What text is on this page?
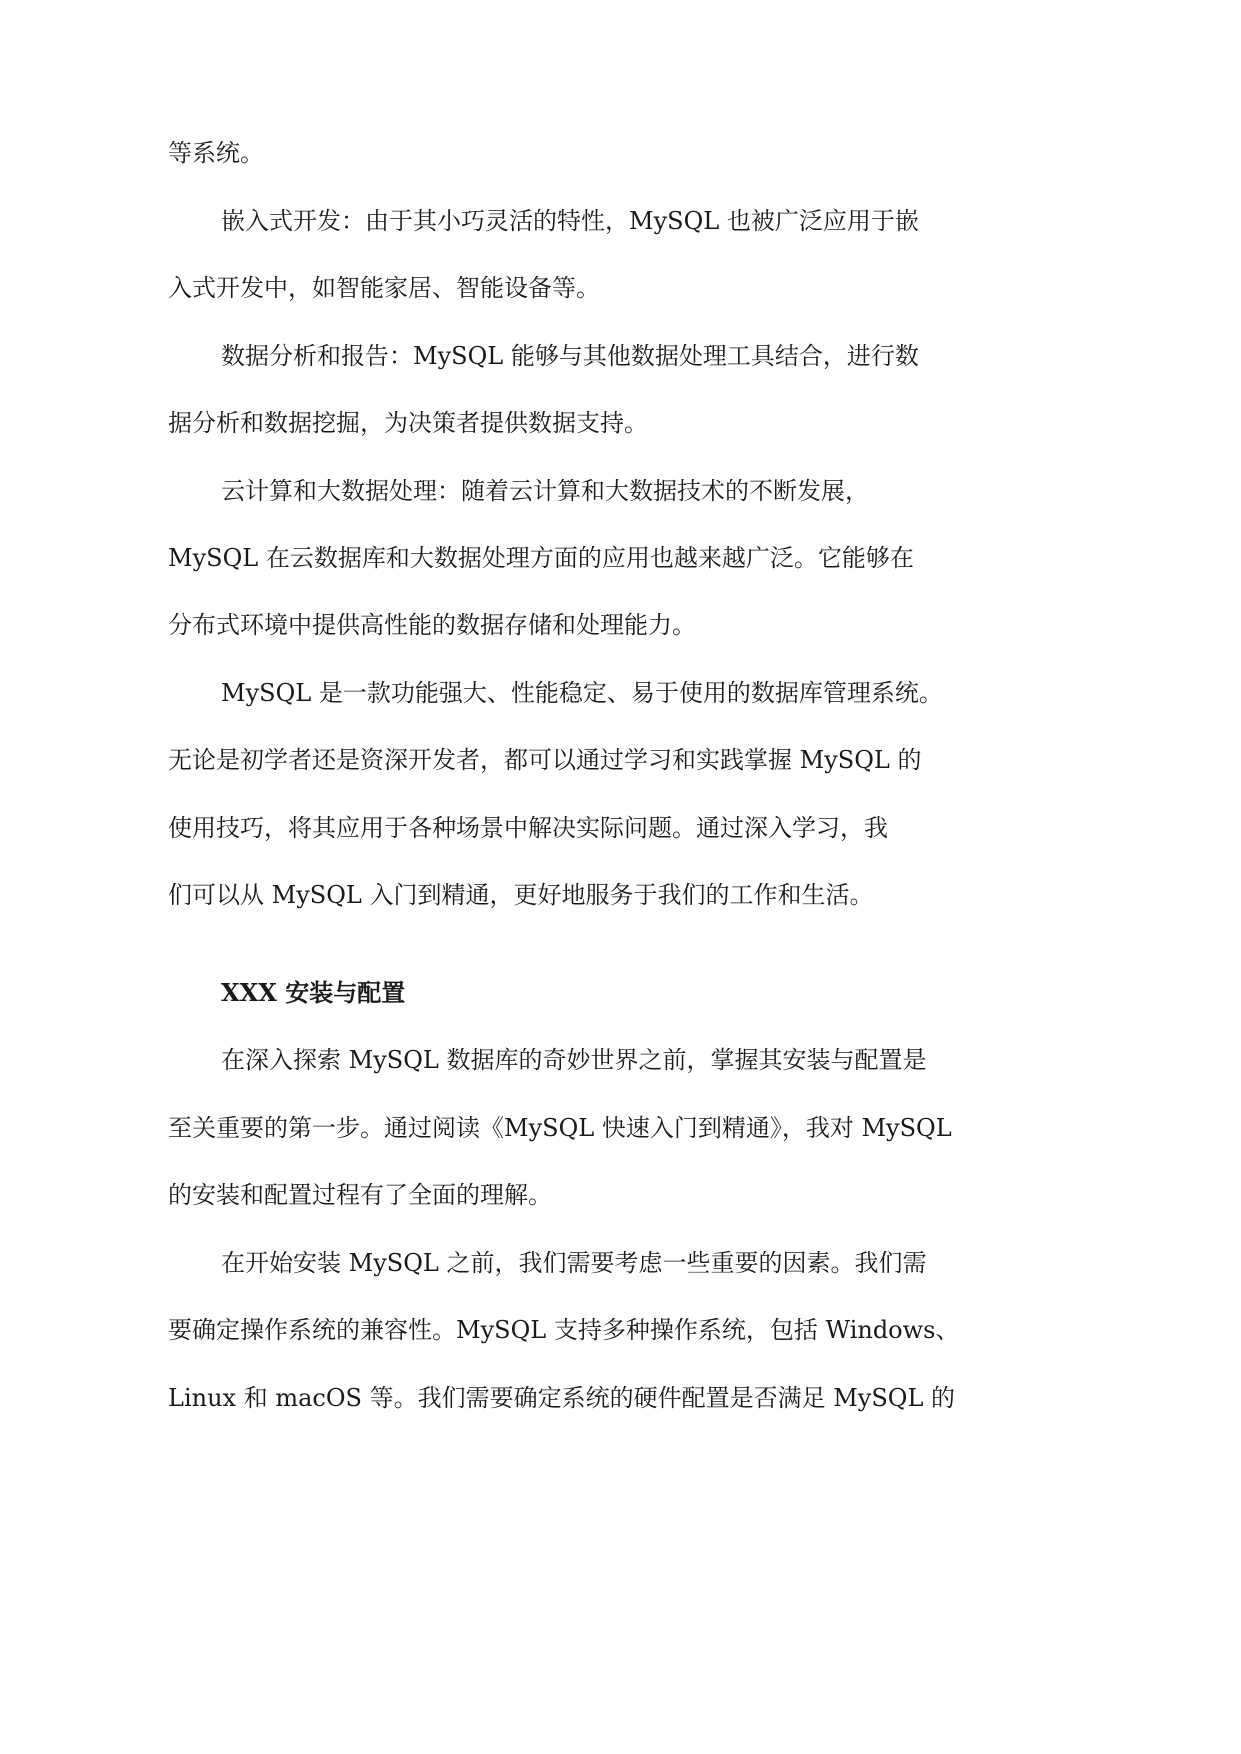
等系统。
嵌入式开发：由于其小巧灵活的特性，MySQL 也被广泛应用于嵌
入式开发中，如智能家居、智能设备等。
数据分析和报告：MySQL 能够与其他数据处理工具结合，进行数
据分析和数据挖掘，为决策者提供数据支持。
云计算和大数据处理：随着云计算和大数据技术的不断发展，
MySQL 在云数据库和大数据处理方面的应用也越来越广泛。它能够在
分布式环境中提供高性能的数据存储和处理能力。
MySQL 是一款功能强大、性能稳定、易于使用的数据库管理系统。
无论是初学者还是资深开发者，都可以通过学习和实践掌握 MySQL 的
使用技巧，将其应用于各种场景中解决实际问题。通过深入学习，我
们可以从 MySQL 入门到精通，更好地服务于我们的工作和生活。
XXX 安装与配置
在深入探索 MySQL 数据库的奇妙世界之前，掌握其安装与配置是
至关重要的第一步。通过阅读《MySQL 快速入门到精通》，我对 MySQL
的安装和配置过程有了全面的理解。
在开始安装 MySQL 之前，我们需要考虑一些重要的因素。我们需
要确定操作系统的兼容性。MySQL 支持多种操作系统，包括 Windows、
Linux 和 macOS 等。我们需要确定系统的硬件配置是否满足 MySQL 的
